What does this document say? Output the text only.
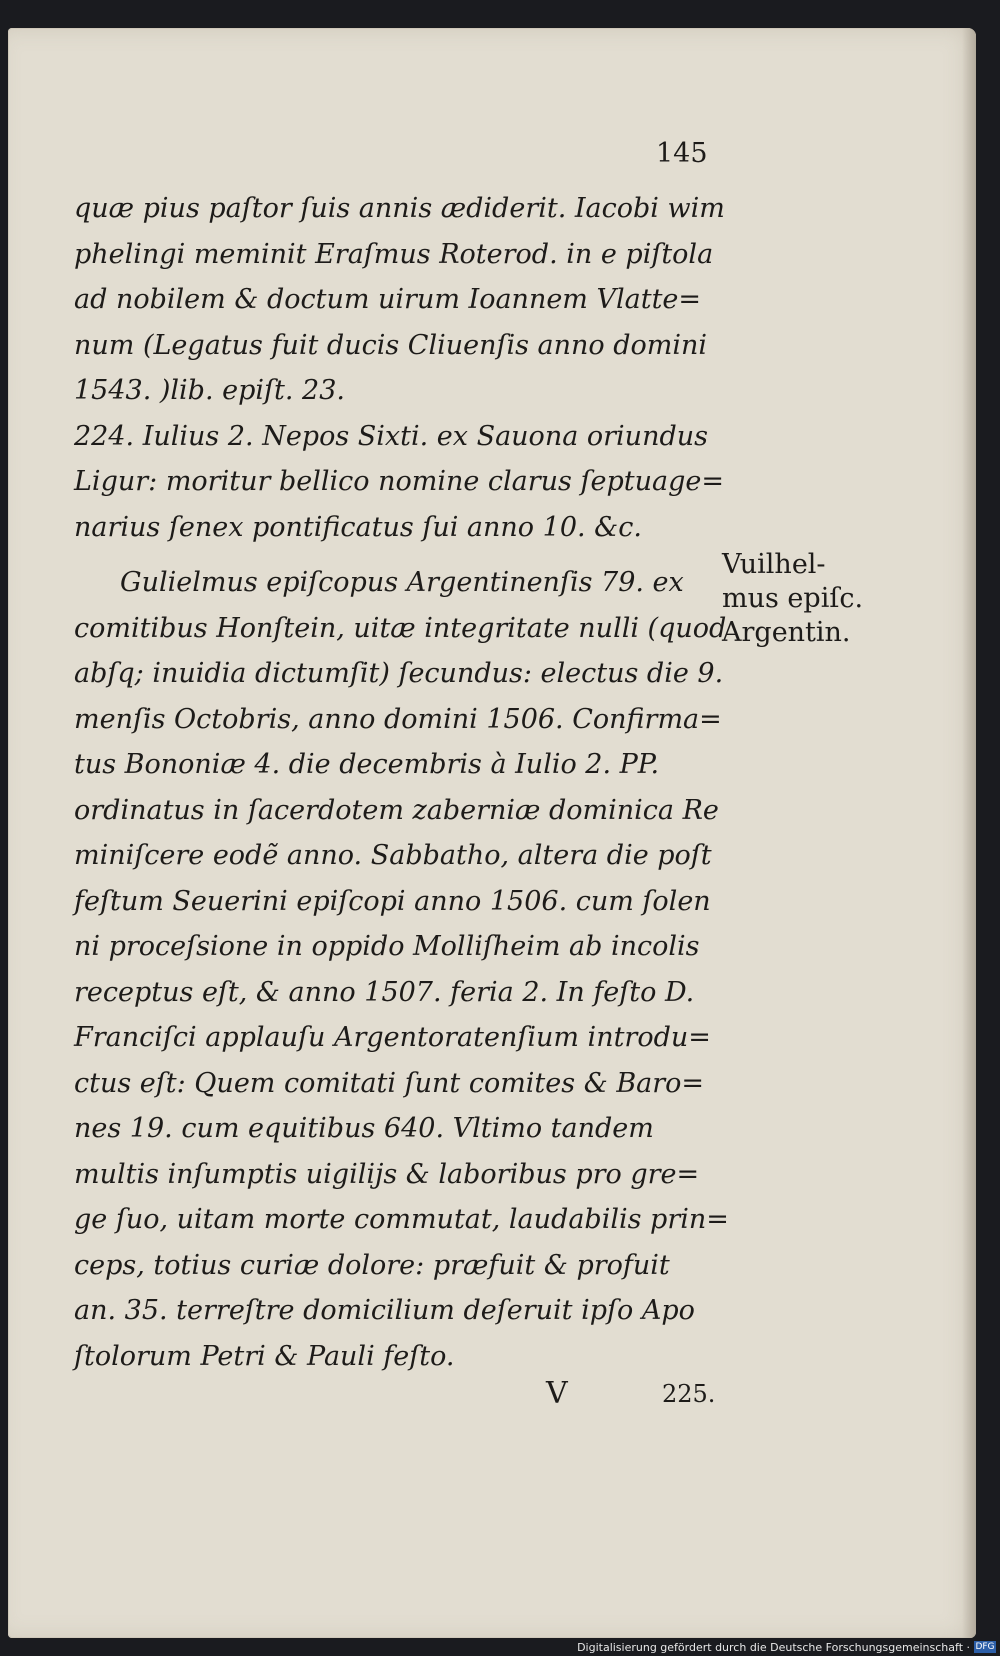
145
quæ pius paſtor ſuis annis ædiderit. Iacobi wim
phelingi meminit Eraſmus Roterod. in e piſtola
ad nobilem & doctum uirum Ioannem Vlatte=
num (Legatus fuit ducis Cliuenſis anno domini
1543. )lib. epiſt. 23.
224. Iulius 2. Nepos Sixti. ex Sauona oriundus
Ligur: moritur bellico nomine clarus ſeptuage=
narius ſenex pontificatus ſui anno 10. &c.
Gulielmus epiſcopus Argentinenſis 79. ex
comitibus Honſtein, uitæ integritate nulli (quod
abſq; inuidia dictumſit) ſecundus: electus die 9.
menſis Octobris, anno domini 1506. Confirma=
tus Bononiæ 4. die decembris à Iulio 2. PP.
ordinatus in ſacerdotem zaberniæ dominica Re
miniſcere eodẽ anno. Sabbatho, altera die poſt
feſtum Seuerini epiſcopi anno 1506. cum ſolen
ni proceſsione in oppido Molliſheim ab incolis
receptus eſt, & anno 1507. feria 2. In feſto D.
Franciſci applauſu Argentoratenſium introdu=
ctus eſt: Quem comitati ſunt comites & Baro=
nes 19. cum equitibus 640. Vltimo tandem
multis inſumptis uigilijs & laboribus pro gre=
ge ſuo, uitam morte commutat, laudabilis prin=
ceps, totius curiæ dolore: præfuit & profuit
an. 35. terreſtre domicilium deſeruit ipſo Apo
ſtolorum Petri & Pauli feſto.
Vuilhel-
mus epiſc.
Argentin.
V	225.
Digitalisierung gefördert durch die Deutsche Forschungsgemeinschaft · DFG
